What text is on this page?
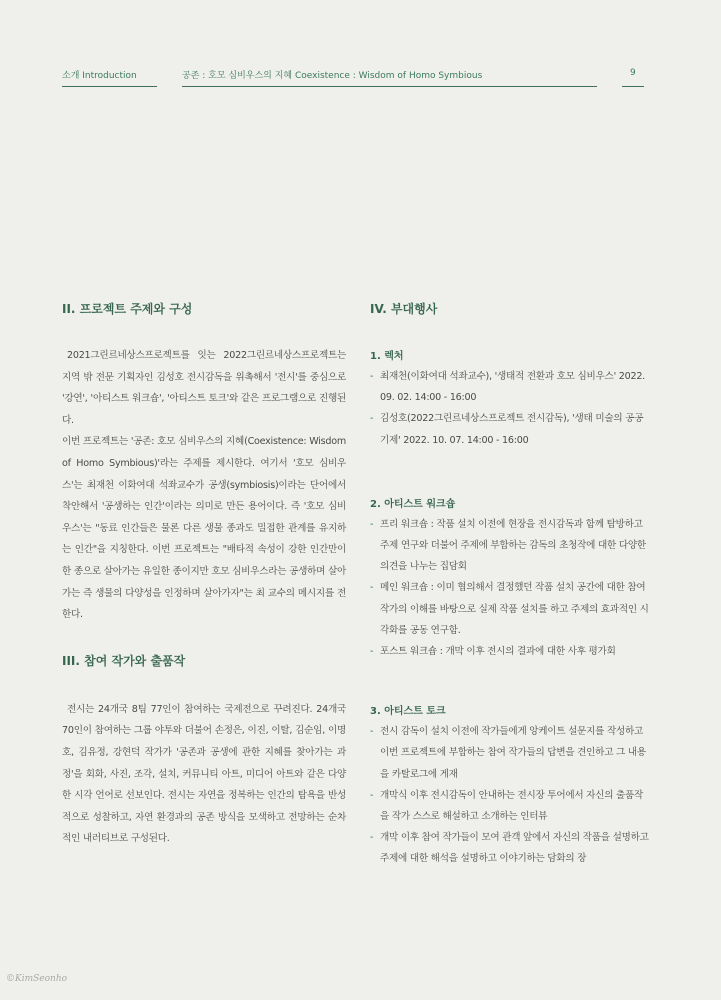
소개 Introduction	공존 : 호모 심비우스의 지혜 Coexistence : Wisdom of Homo Symbious	9
II. 프로젝트 주제와 구성

2021그린르네상스프로젝트를 잇는 2022그린르네상스프로젝트는 지역 밖 전문 기획자인 김성호 전시감독을 위촉해서 '전시'를 중심으로 '강연', '아티스트 워크숍', '아티스트 토크'와 같은 프로그램으로 진행된다.

이번 프로젝트는 '공존: 호모 심비우스의 지혜(Coexistence: Wisdom of Homo Symbious)'라는 주제를 제시한다. 여기서 '호모 심비우스'는 최재천 이화여대 석좌교수가 공생(symbiosis)이라는 단어에서 착안해서 '공생하는 인간'이라는 의미로 만든 용어이다. 즉 '호모 심비우스'는 "동료 인간들은 물론 다른 생물 종과도 밀접한 관계를 유지하는 인간"을 지칭한다. 이번 프로젝트는 "배타적 속성이 강한 인간만이 한 종으로 살아가는 유일한 종이지만 호모 심비우스라는 공생하며 살아가는 즉 생물의 다양성을 인정하며 살아가자"는 최 교수의 메시지를 전한다.

III. 참여 작가와 출품작

전시는 24개국 8팀 77인이 참여하는 국제전으로 꾸려진다. 24개국 70인이 참여하는 그룹 야투와 더불어 손정은, 이진, 이탈, 김순임, 이명호, 김유정, 강현덕 작가가 '공존과 공생에 관한 지혜를 찾아가는 과정'을 회화, 사진, 조각, 설치, 커뮤니티 아트, 미디어 아트와 같은 다양한 시각 언어로 선보인다. 전시는 자연을 정복하는 인간의 탐욕을 반성적으로 성찰하고, 자연 환경과의 공존 방식을 모색하고 전망하는 순차적인 내러티브로 구성된다.

IV. 부대행사

1. 렉처

- 최재천(이화여대 석좌교수), '생태적 전환과 호모 심비우스' 2022. 09. 02. 14:00 - 16:00
- 김성호(2022그린르네상스프로젝트 전시감독), '생태 미술의 공공 기제' 2022. 10. 07. 14:00 - 16:00

2. 아티스트 워크숍

- 프리 워크숍 : 작품 설치 이전에 현장을 전시감독과 함께 탐방하고 주제 연구와 더불어 주제에 부합하는 감독의 초청작에 대한 다양한 의견을 나누는 집담회
- 메인 워크숍 : 이미 협의해서 결정했던 작품 설치 공간에 대한 참여 작가의 이해를 바탕으로 실제 작품 설치를 하고 주제의 효과적인 시각화를 공동 연구함.
- 포스트 워크숍 : 개막 이후 전시의 결과에 대한 사후 평가회

3. 아티스트 토크

- 전시 감독이 설치 이전에 작가들에게 앙케이트 설문지를 작성하고 이번 프로젝트에 부합하는 참여 작가들의 답변을 견인하고 그 내용을 카탈로그에 게재
- 개막식 이후 전시감독이 안내하는 전시장 투어에서 자신의 출품작을 작가 스스로 해설하고 소개하는 인터뷰
- 개막 이후 참여 작가들이 모여 관객 앞에서 자신의 작품을 설명하고 주제에 대한 해석을 설명하고 이야기하는 담화의 장
©KimSeonho
